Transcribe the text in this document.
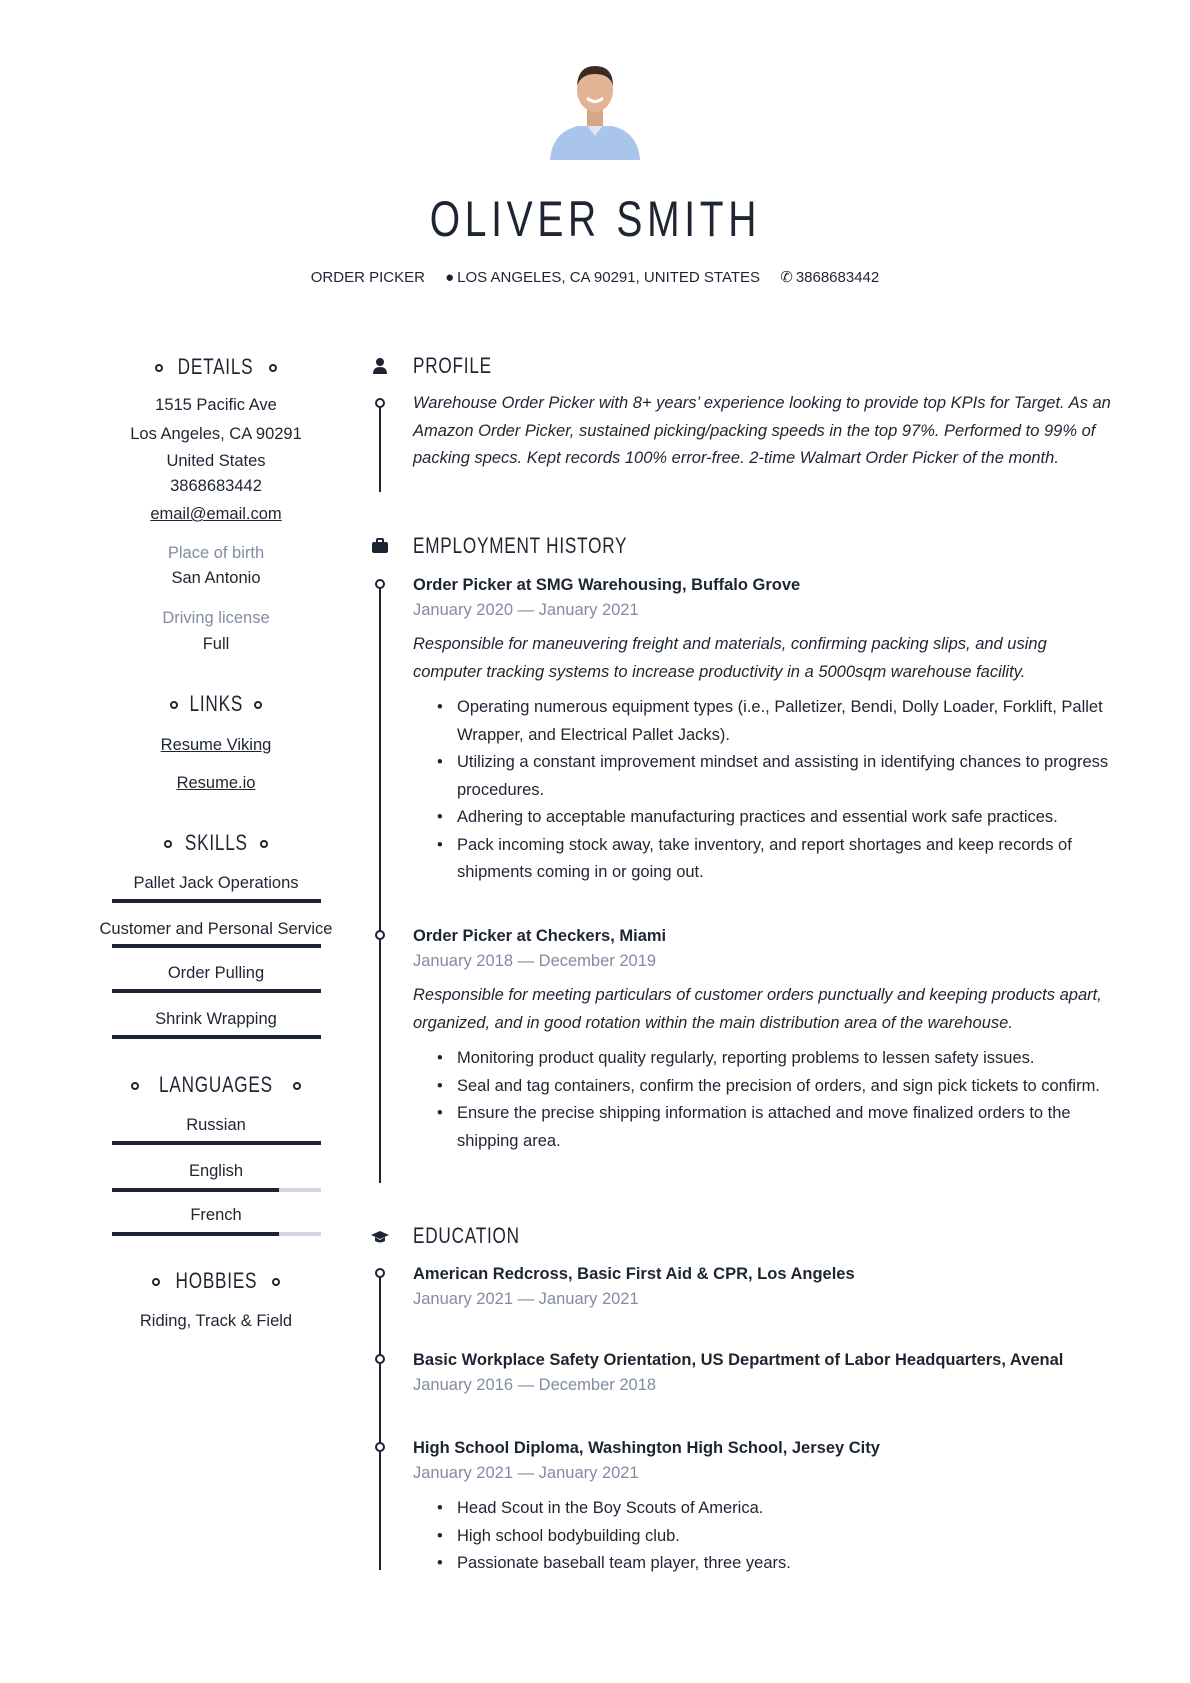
OLIVER SMITH
ORDER PICKER ● LOS ANGELES, CA 90291, UNITED STATES ✆ 3868683442
DETAILS
1515 Pacific Ave
Los Angeles, CA 90291
United States
3868683442
email@email.com
Place of birth
San Antonio
Driving license
Full
LINKS
Resume Viking
Resume.io
SKILLS
Pallet Jack Operations
Customer and Personal Service
Order Pulling
Shrink Wrapping
LANGUAGES
Russian
English
French
HOBBIES
Riding, Track & Field
PROFILE
Warehouse Order Picker with 8+ years’ experience looking to provide top KPIs for Target. As an Amazon Order Picker, sustained picking/packing speeds in the top 97%. Performed to 99% of packing specs. Kept records 100% error-free. 2-time Walmart Order Picker of the month.
EMPLOYMENT HISTORY
Order Picker at SMG Warehousing, Buffalo Grove
January 2020 — January 2021
Responsible for maneuvering freight and materials, confirming packing slips, and using computer tracking systems to increase productivity in a 5000sqm warehouse facility.
• Operating numerous equipment types (i.e., Palletizer, Bendi, Dolly Loader, Forklift, Pallet Wrapper, and Electrical Pallet Jacks).
• Utilizing a constant improvement mindset and assisting in identifying chances to progress procedures.
• Adhering to acceptable manufacturing practices and essential work safe practices.
• Pack incoming stock away, take inventory, and report shortages and keep records of shipments coming in or going out.
Order Picker at Checkers, Miami
January 2018 — December 2019
Responsible for meeting particulars of customer orders punctually and keeping products apart, organized, and in good rotation within the main distribution area of the warehouse.
• Monitoring product quality regularly, reporting problems to lessen safety issues.
• Seal and tag containers, confirm the precision of orders, and sign pick tickets to confirm.
• Ensure the precise shipping information is attached and move finalized orders to the shipping area.
EDUCATION
American Redcross, Basic First Aid & CPR, Los Angeles
January 2021 — January 2021
Basic Workplace Safety Orientation, US Department of Labor Headquarters, Avenal
January 2016 — December 2018
High School Diploma, Washington High School, Jersey City
January 2021 — January 2021
• Head Scout in the Boy Scouts of America.
• High school bodybuilding club.
• Passionate baseball team player, three years.
